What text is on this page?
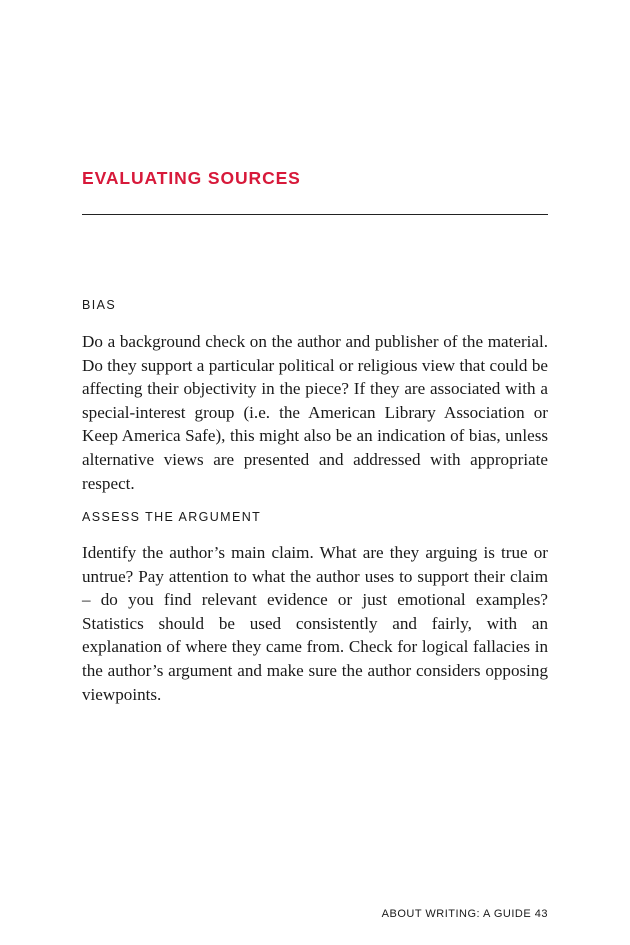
EVALUATING SOURCES
BIAS

Do a background check on the author and publisher of the material. Do they support a particular political or religious view that could be affecting their objectivity in the piece? If they are associated with a special-interest group (i.e. the American Library Association or Keep America Safe), this might also be an indication of bias, unless alternative views are presented and addressed with appropriate respect.

ASSESS THE ARGUMENT

Identify the author’s main claim. What are they arguing is true or untrue? Pay attention to what the author uses to support their claim – do you find relevant evidence or just emotional examples? Statistics should be used consistently and fairly, with an explanation of where they came from. Check for logical fallacies in the author’s argument and make sure the author considers opposing viewpoints.

ABOUT WRITING: A GUIDE 43
